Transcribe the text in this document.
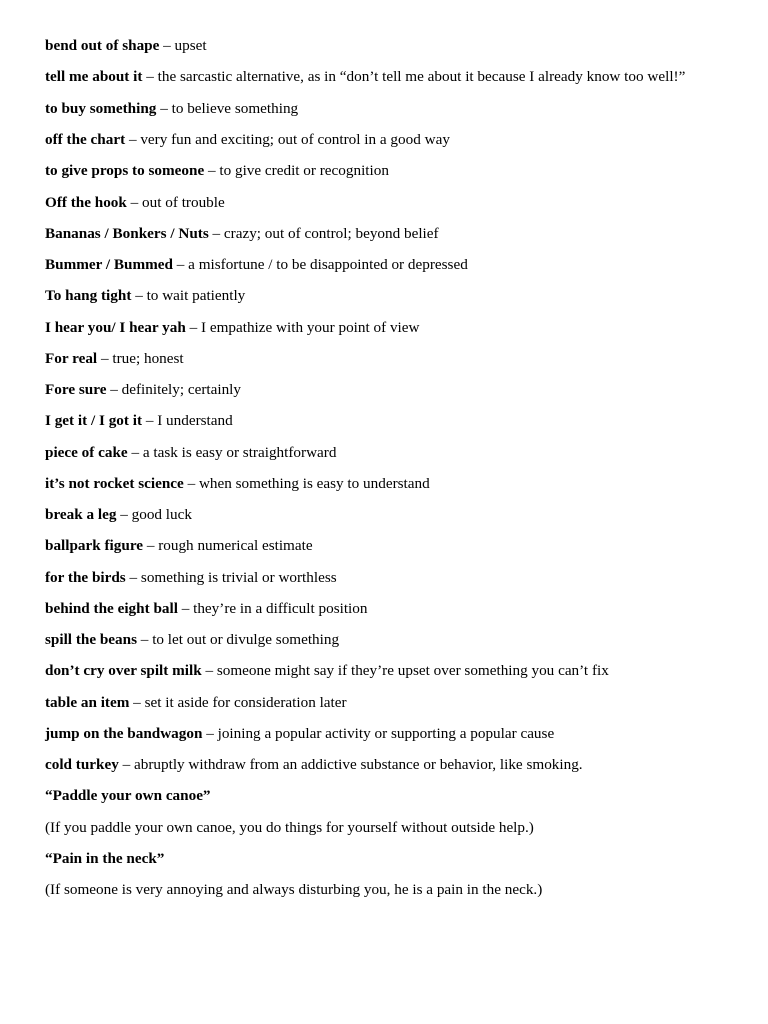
bend out of shape – upset

tell me about it – the sarcastic alternative, as in “don’t tell me about it because I already know too well!”

to buy something – to believe something

off the chart – very fun and exciting; out of control in a good way

to give props to someone – to give credit or recognition

Off the hook – out of trouble

Bananas / Bonkers / Nuts – crazy; out of control; beyond belief

Bummer / Bummed – a misfortune / to be disappointed or depressed

To hang tight – to wait patiently

I hear you/ I hear yah – I empathize with your point of view

For real – true; honest

Fore sure – definitely; certainly

I get it / I got it – I understand

piece of cake – a task is easy or straightforward

it’s not rocket science – when something is easy to understand

break a leg – good luck

ballpark figure – rough numerical estimate

for the birds – something is trivial or worthless

behind the eight ball – they’re in a difficult position

spill the beans – to let out or divulge something

don’t cry over spilt milk – someone might say if they’re upset over something you can’t fix

table an item – set it aside for consideration later

jump on the bandwagon – joining a popular activity or supporting a popular cause

cold turkey – abruptly withdraw from an addictive substance or behavior, like smoking.

“Paddle your own canoe”

(If you paddle your own canoe, you do things for yourself without outside help.)

“Pain in the neck”

(If someone is very annoying and always disturbing you, he is a pain in the neck.)
